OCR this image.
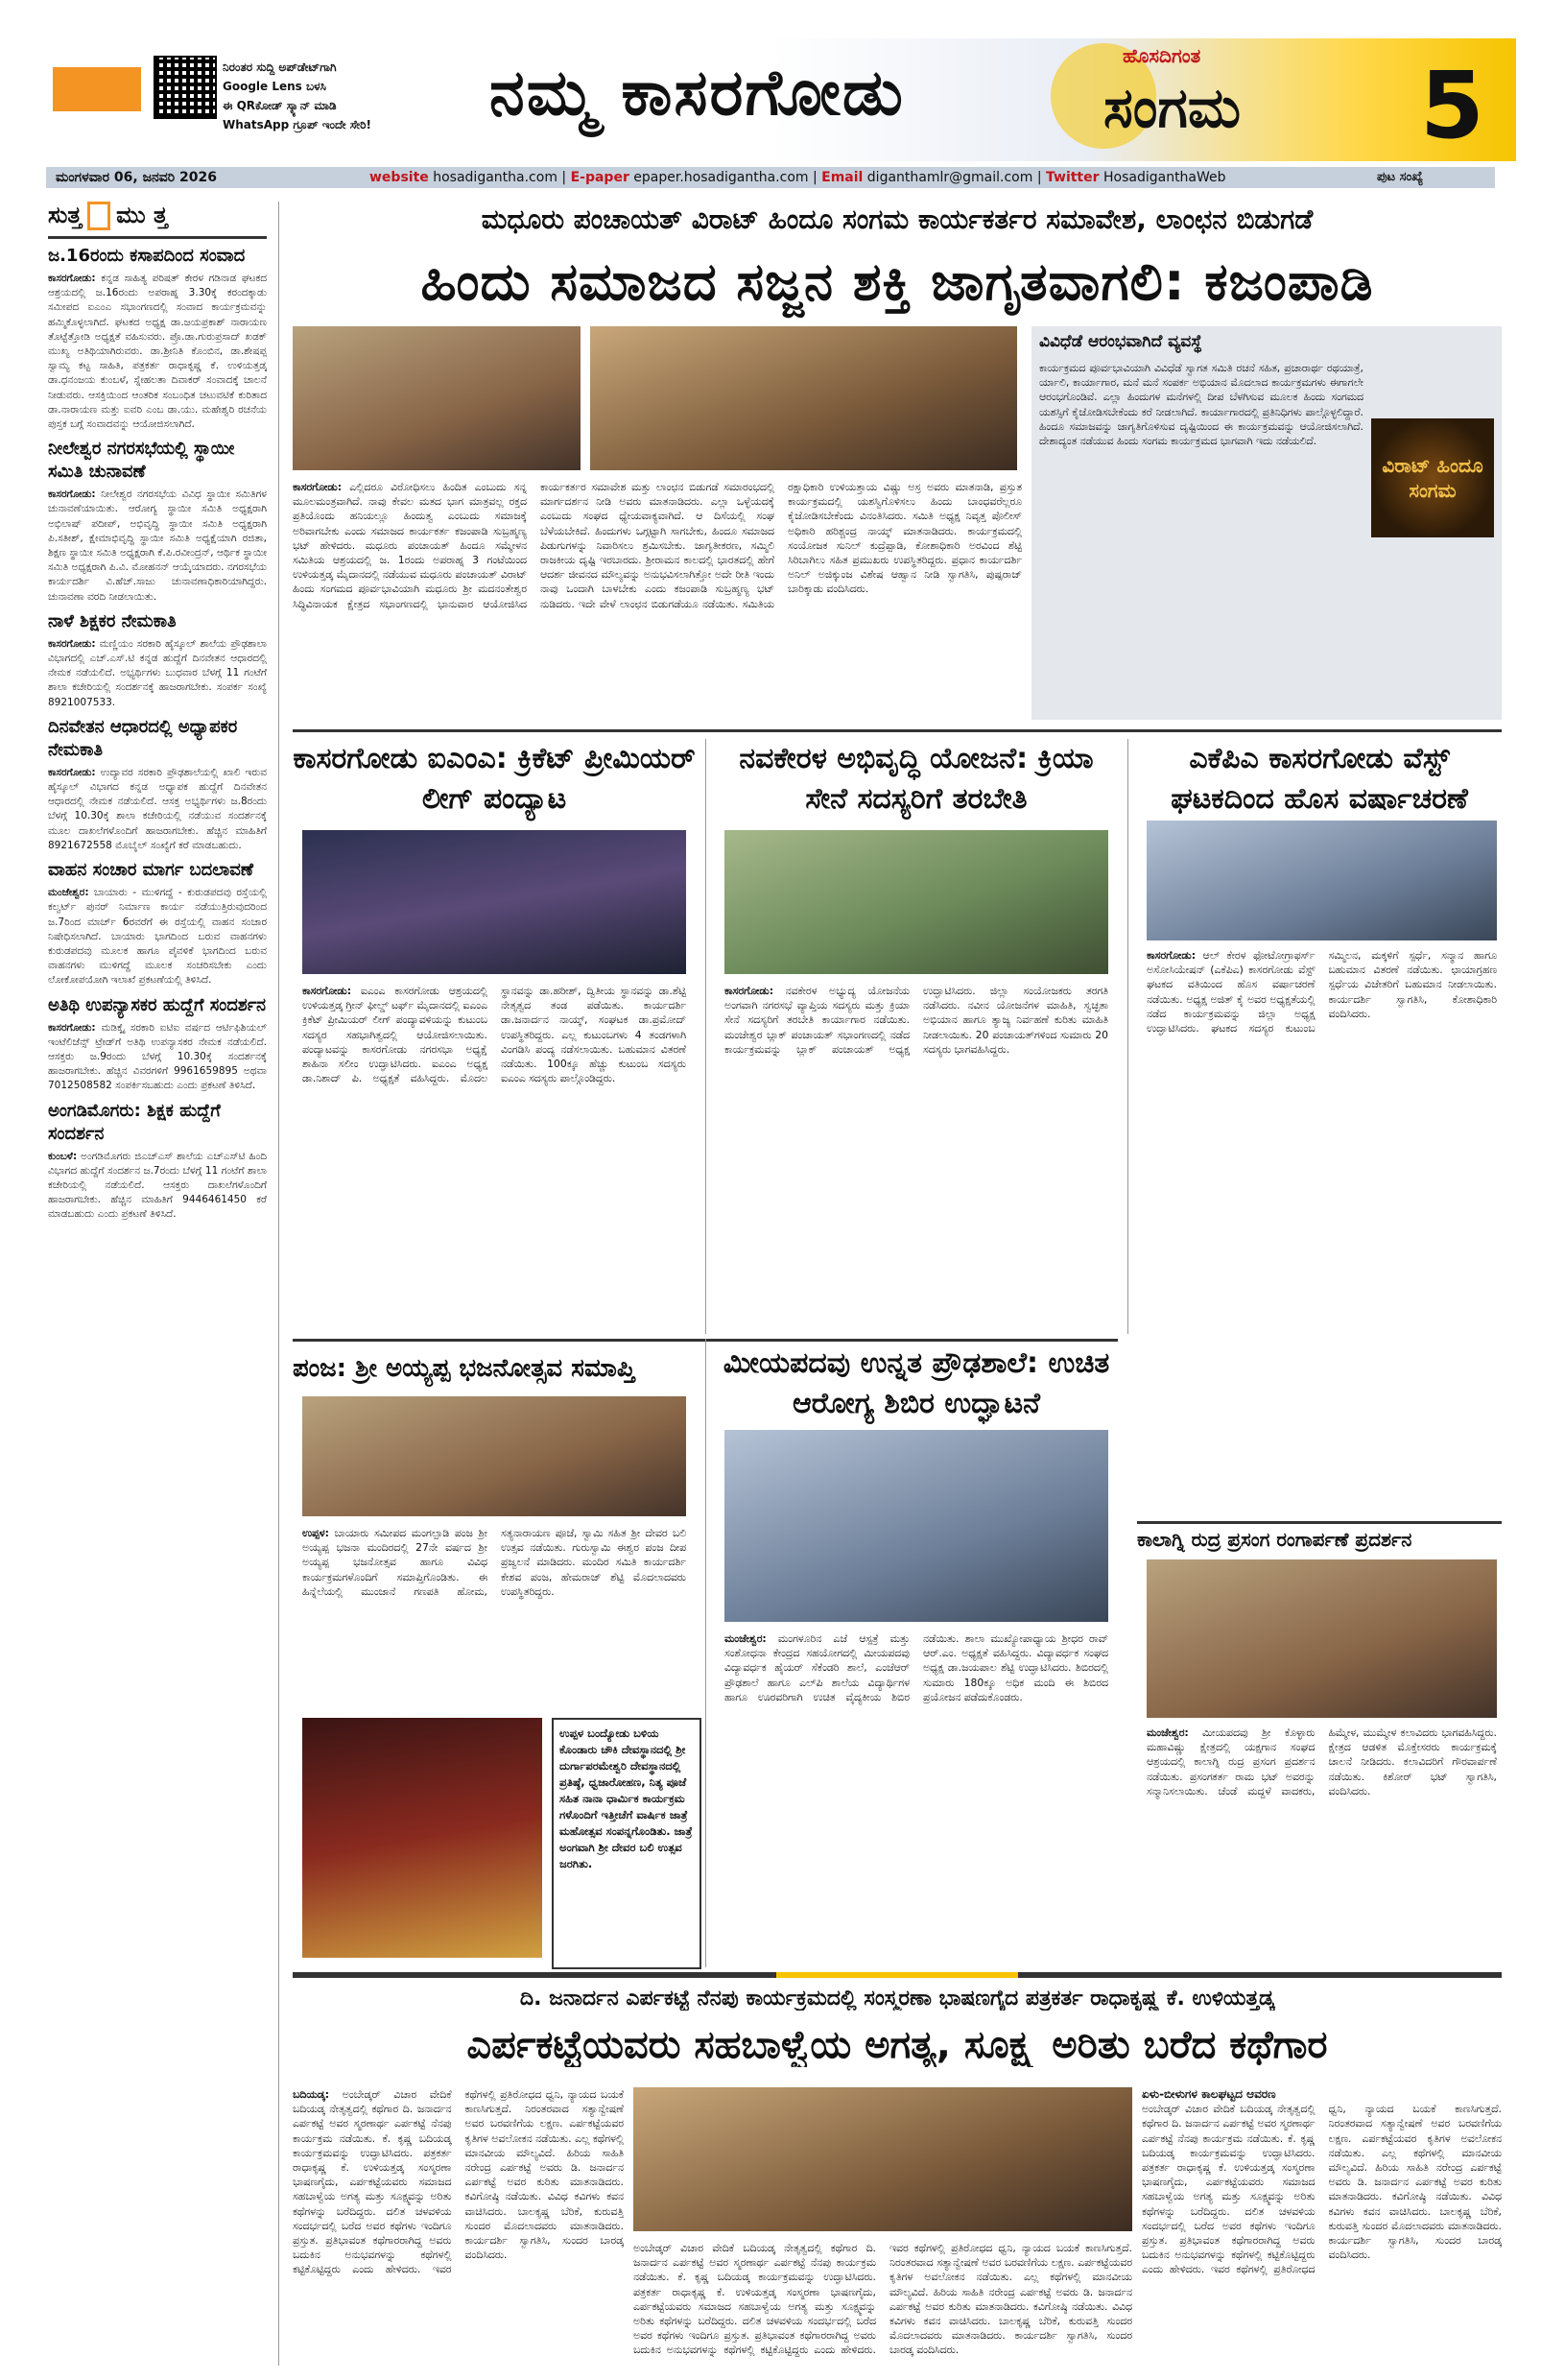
ನಿರಂತರ ಸುದ್ದಿ ಅಪ್‌ಡೇಟ್‌ಗಾಗಿ
Google Lens ಬಳಸಿ
ಈ QRಕೋಡ್ ಸ್ಕ್ಯಾನ್ ಮಾಡಿ
WhatsApp ಗ್ರೂಪ್ ಇಂದೇ ಸೇರಿ!	ನಮ್ಮ ಕಾಸರಗೋಡು	ಹೊಸದಿಗಂತ
ಸಂಗಮ 5
ಮಂಗಳವಾರ 06, ಜನವರಿ 2026	website hosadigantha.com | E-paper epaper.hosadigantha.com | Email diganthamlr@gmail.com | Twitter HosadiganthaWeb	ಪುಟ ಸಂಖ್ಯೆ
ಸುತ್ತ ಮು ತ್ತ
ಜ.16ರಂದು ಕಸಾಪದಿಂದ ಸಂವಾದ
ಕಾಸರಗೋಡು: ಕನ್ನಡ ಸಾಹಿತ್ಯ ಪರಿಷತ್ ಕೇರಳ ಗಡಿನಾಡ ಘಟಕದ ಆಶ್ರಯದಲ್ಲಿ ಜ.16ರಂದು ಅಪರಾಹ್ನ 3.30ಕ್ಕೆ ಕರಂದಕ್ಕಾಡು ಸಮೀಪದ ಐಎಂಎ ಸಭಾಂಗಣದಲ್ಲಿ ಸಂವಾದ ಕಾರ್ಯಕ್ರಮವನ್ನು ಹಮ್ಮಿಕೊಳ್ಳಲಾಗಿದೆ. ಘಟಕದ ಅಧ್ಯಕ್ಷ ಡಾ.ಜಯಪ್ರಕಾಶ್ ನಾರಾಯಣ ತೊಟ್ಟೆತ್ತೋಡಿ ಅಧ್ಯಕ್ಷತೆ ವಹಿಸುವರು. ಪ್ರೊ.ಡಾ.ಗುರುಪ್ರಸಾದ್ ಖಡಕ್ ಮುಖ್ಯ ಅತಿಥಿಯಾಗಿರುವರು. ಡಾ.ಶ್ರೀನಿತಿ ಕೊಂಬಿನ, ಡಾ.ಶೇಷಪ್ಪ ಸ್ವಾಮ್ಯ ಕಟ್ಟ ಸಾಹಿತಿ, ಪತ್ರಕರ್ತ ರಾಧಾಕೃಷ್ಣ ಕೆ. ಉಳಿಯತ್ತಡ್ಕ ಡಾ.ಧನಂಜಯ ಕುಂಬಳೆ, ಸ್ನೇಹಲತಾ ದಿವಾಕರ್ ಸಂವಾದಕ್ಕೆ ಚಾಲನೆ ನೀಡುವರು. ಆಸಕ್ತಿಯಿಂದ ಆಂತರಿಕ ಸಂಬಂಧಿತ ಚಟುವಟಿಕೆ ಕುರಿತಾದ ಡಾ.ನಾರಾಯಣ ಮತ್ತು ಐವರಿ ಎಂಬ ಡಾ.ಯು. ಮಹೇಶ್ವರಿ ರಚನೆಯ ಪುಸ್ತಕ ಬಗ್ಗೆ ಸಂವಾದವನ್ನು ಆಯೋಜಿಸಲಾಗಿದೆ.
ನೀಲೇಶ್ವರ ನಗರಸಭೆಯಲ್ಲಿ ಸ್ಥಾಯೀ ಸಮಿತಿ ಚುನಾವಣೆ
ಕಾಸರಗೋಡು: ನೀಲೇಶ್ವರ ನಗರಸಭೆಯ ವಿವಿಧ ಸ್ಥಾಯೀ ಸಮಿತಿಗಳ ಚುನಾವಣೆಯಾಯಿತು. ಆರೋಗ್ಯ ಸ್ಥಾಯೀ ಸಮಿತಿ ಅಧ್ಯಕ್ಷರಾಗಿ ಅಭಿಲಾಷ್ ಪದೀಪ್, ಅಭಿವೃದ್ಧಿ ಸ್ಥಾಯೀ ಸಮಿತಿ ಅಧ್ಯಕ್ಷರಾಗಿ ಪಿ.ಸತೀಶ್, ಕ್ಷೇಮಾಭಿವೃದ್ಧಿ ಸ್ಥಾಯೀ ಸಮಿತಿ ಅಧ್ಯಕ್ಷೆಯಾಗಿ ರಜಿತಾ, ಶಿಕ್ಷಣ ಸ್ಥಾಯೀ ಸಮಿತಿ ಅಧ್ಯಕ್ಷರಾಗಿ ಕೆ.ಪಿ.ರವೀಂದ್ರನ್, ಆರ್ಥಿಕ ಸ್ಥಾಯೀ ಸಮಿತಿ ಅಧ್ಯಕ್ಷರಾಗಿ ಪಿ.ವಿ. ಮೋಹನನ್ ಆಯ್ಕೆಯಾದರು. ನಗರಸಭೆಯ ಕಾರ್ಯದರ್ಶಿ ವಿ.ಹೆಚ್.ಸಾಜು ಚುನಾವಣಾಧಿಕಾರಿಯಾಗಿದ್ದರು. ಚುನಾವಣಾ ವರದಿ ನೀಡಲಾಯಿತು.
ನಾಳೆ ಶಿಕ್ಷಕರ ನೇಮಕಾತಿ
ಕಾಸರಗೋಡು: ಮಣ್ಣಿಯಂ ಸರಕಾರಿ ಹೈಸ್ಕೂಲ್ ಶಾಲೆಯ ಪ್ರೌಢಶಾಲಾ ವಿಭಾಗದಲ್ಲಿ ಎಚ್.ಎಸ್.ಟಿ ಕನ್ನಡ ಹುದ್ದೆಗೆ ದಿನವೇತನ ಆಧಾರದಲ್ಲಿ ನೇಮಕ ನಡೆಯಲಿದೆ. ಅಭ್ಯರ್ಥಿಗಳು ಬುಧವಾರ ಬೆಳಗ್ಗೆ 11 ಗಂಟೆಗೆ ಶಾಲಾ ಕಚೇರಿಯಲ್ಲಿ ಸಂದರ್ಶನಕ್ಕೆ ಹಾಜರಾಗಬೇಕು. ಸಂಪರ್ಕ ಸಂಖ್ಯೆ 8921007533.
ದಿನವೇತನ ಆಧಾರದಲ್ಲಿ ಅಧ್ಯಾಪಕರ ನೇಮಕಾತಿ
ಕಾಸರಗೋಡು: ಉದ್ಯಾವರ ಸರಕಾರಿ ಪ್ರೌಢಶಾಲೆಯಲ್ಲಿ ಖಾಲಿ ಇರುವ ಹೈಸ್ಕೂಲ್ ವಿಭಾಗದ ಕನ್ನಡ ಅಧ್ಯಾಪಕ ಹುದ್ದೆಗೆ ದಿನವೇತನ ಆಧಾರದಲ್ಲಿ ನೇಮಕ ನಡೆಯಲಿದೆ. ಆಸಕ್ತ ಅಭ್ಯರ್ಥಿಗಳು ಜ.8ರಂದು ಬೆಳಗ್ಗೆ 10.30ಕ್ಕೆ ಶಾಲಾ ಕಚೇರಿಯಲ್ಲಿ ನಡೆಯುವ ಸಂದರ್ಶನಕ್ಕೆ ಮೂಲ ದಾಖಲೆಗಳೊಂದಿಗೆ ಹಾಜರಾಗಬೇಕು. ಹೆಚ್ಚಿನ ಮಾಹಿತಿಗೆ 8921672558 ಮೊಬೈಲ್ ಸಂಖ್ಯೆಗೆ ಕರೆ ಮಾಡಬಹುದು.
ವಾಹನ ಸಂಚಾರ ಮಾರ್ಗ ಬದಲಾವಣೆ
ಮಂಜೇಶ್ವರ: ಬಾಯಾರು - ಮುಳಿಗದ್ದೆ - ಕುರುಡಪದವು ರಸ್ತೆಯಲ್ಲಿ ಕಲ್ವರ್ಟ್ ಪುನರ್ ನಿರ್ಮಾಣ ಕಾರ್ಯ ನಡೆಯುತ್ತಿರುವುದರಿಂದ ಜ.7ರಿಂದ ಮಾರ್ಚ್ 6ರವರೆಗೆ ಈ ರಸ್ತೆಯಲ್ಲಿ ವಾಹನ ಸಂಚಾರ ನಿಷೇಧಿಸಲಾಗಿದೆ. ಬಾಯಾರು ಭಾಗದಿಂದ ಬರುವ ವಾಹನಗಳು ಕುರುಡಪದವು ಮೂಲಕ ಹಾಗೂ ಪೈವಳಿಕೆ ಭಾಗದಿಂದ ಬರುವ ವಾಹನಗಳು ಮುಳಿಗದ್ದೆ ಮೂಲಕ ಸಂಚರಿಸಬೇಕು ಎಂದು ಲೋಕೋಪಯೋಗಿ ಇಲಾಖೆ ಪ್ರಕಟಣೆಯಲ್ಲಿ ತಿಳಿಸಿದೆ.
ಅತಿಥಿ ಉಪನ್ಯಾಸಕರ ಹುದ್ದೆಗೆ ಸಂದರ್ಶನ
ಕಾಸರಗೋಡು: ಮಡಿಕ್ಕೈ ಸರಕಾರಿ ಐಟಿಐ ವರ್ಷದ ಆರ್ಟಿಫಿಶಿಯಲ್ ಇಂಟೆಲಿಜೆನ್ಸ್ ಟ್ರೇಡ್‌ಗೆ ಅತಿಥಿ ಉಪನ್ಯಾಸಕರ ನೇಮಕ ನಡೆಯಲಿದೆ. ಆಸಕ್ತರು ಜ.9ರಂದು ಬೆಳಗ್ಗೆ 10.30ಕ್ಕೆ ಸಂದರ್ಶನಕ್ಕೆ ಹಾಜರಾಗಬೇಕು. ಹೆಚ್ಚಿನ ವಿವರಗಳಿಗೆ 9961659895 ಅಥವಾ 7012508582 ಸಂಪರ್ಕಿಸಬಹುದು ಎಂದು ಪ್ರಕಟಣೆ ತಿಳಿಸಿದೆ.
ಅಂಗಡಿಮೊಗರು: ಶಿಕ್ಷಕ ಹುದ್ದೆಗೆ ಸಂದರ್ಶನ
ಕುಂಬಳೆ: ಅಂಗಡಿಮೊಗರು ಜಿಎಚ್‌ಎಸ್ ಶಾಲೆಯ ಎಚ್‌ಎಸ್‌ಟಿ ಹಿಂದಿ ವಿಭಾಗದ ಹುದ್ದೆಗೆ ಸಂದರ್ಶನ ಜ.7ರಂದು ಬೆಳಗ್ಗೆ 11 ಗಂಟೆಗೆ ಶಾಲಾ ಕಚೇರಿಯಲ್ಲಿ ನಡೆಯಲಿದೆ. ಆಸಕ್ತರು ದಾಖಲೆಗಳೊಂದಿಗೆ ಹಾಜರಾಗಬೇಕು. ಹೆಚ್ಚಿನ ಮಾಹಿತಿಗೆ 9446461450 ಕರೆ ಮಾಡಬಹುದು ಎಂದು ಪ್ರಕಟಣೆ ತಿಳಿಸಿದೆ.
ಮಧೂರು ಪಂಚಾಯತ್ ವಿರಾಟ್ ಹಿಂದೂ ಸಂಗಮ ಕಾರ್ಯಕರ್ತರ ಸಮಾವೇಶ, ಲಾಂಛನ ಬಿಡುಗಡೆ
ಹಿಂದು ಸಮಾಜದ ಸಜ್ಜನ ಶಕ್ತಿ ಜಾಗೃತವಾಗಲಿ: ಕಜಂಪಾಡಿ
ಕಾಸರಗೋಡು: ಎಲ್ಲಿದರೂ ವಿರೋಧಿಸಲು ಹಿಂದಿತ ಎಂಬುದು ಸನ್ನ ಮೂಲಮಂತ್ರವಾಗಿದೆ. ನಾವು ಕೇವಲ ಮತದ ಭಾಗ ಮಾತ್ರವಲ್ಲ ರಕ್ತದ ಪ್ರತಿಯೊಂದು ಹನಿಯಲ್ಲೂ ಹಿಂದುತ್ವ ಎಂಬುದು ಸಮಾಜಕ್ಕೆ ಅರಿವಾಗಬೇಕು ಎಂದು ಸಮಾಜದ ಕಾರ್ಯಕರ್ತ ಕಜಂಪಾಡಿ ಸುಬ್ರಹ್ಮಣ್ಯ ಭಟ್ ಹೇಳಿದರು. ಮಧೂರು ಪಂಚಾಯತ್ ಹಿಂದೂ ಸಮ್ಮೇಳನ ಸಮಿತಿಯ ಆಶ್ರಯದಲ್ಲಿ ಜ. 1ರಂದು ಅಪರಾಹ್ನ 3 ಗಂಟೆಯಿಂದ ಉಳಿಯತ್ತಡ್ಕ ಮೈದಾನದಲ್ಲಿ ನಡೆಯುವ ಮಧೂರು ಪಂಚಾಯತ್ ವಿರಾಟ್ ಹಿಂದು ಸಂಗಮದ ಪೂರ್ವಭಾವಿಯಾಗಿ ಮಧೂರು ಶ್ರೀ ಮದನಂತೇಶ್ವರ ಸಿದ್ಧಿವಿನಾಯಕ ಕ್ಷೇತ್ರದ ಸಭಾಂಗಣದಲ್ಲಿ ಭಾನುವಾರ ಆಯೋಜಿಸಿದ ಕಾರ್ಯಕರ್ತರ ಸಮಾವೇಶ ಮತ್ತು ಲಾಂಛನ ಬಿಡುಗಡೆ ಸಮಾರಂಭದಲ್ಲಿ ಮಾರ್ಗದರ್ಶನ ನೀಡಿ ಅವರು ಮಾತನಾಡಿದರು. ಎಲ್ಲಾ ಒಳ್ಳೆಯದಕ್ಕೆ ಎಂಬುದು ಸಂಘದ ಧ್ಯೇಯವಾಕ್ಯವಾಗಿದೆ. ಆ ದಿಸೆಯಲ್ಲಿ ಸಂಘ ಬೆಳೆಯಬೇಕಿದೆ. ಹಿಂದುಗಳು ಒಗ್ಗಟ್ಟಾಗಿ ಸಾಗಬೇಕು, ಹಿಂದೂ ಸಮಾಜದ ಪಿಡುಗುಗಳನ್ನು ನಿವಾರಿಸಲು ಶ್ರಮಿಸಬೇಕು. ಜಾಗೃತೀಕರಣ, ಸಮ್ಮಿಲಿ ರಾಜಕೀಯ ದೃಷ್ಟಿ ಇರಬಾರದು. ಶ್ರೀರಾಮನ ಕಾಲದಲ್ಲಿ ಭಾರತದಲ್ಲಿ ಹೇಗೆ ಆದರ್ಶ ಜೀವನದ ಮೌಲ್ಯವನ್ನು ಅನುಭವಿಸಲಾಗಿತ್ತೋ ಅದೇ ರೀತಿ ಇಂದು ನಾವು ಒಂದಾಗಿ ಬಾಳಬೇಕು ಎಂದು ಕಜಂಪಾಡಿ ಸುಬ್ರಹ್ಮಣ್ಯ ಭಟ್ ನುಡಿದರು. ಇದೇ ವೇಳೆ ಲಾಂಛನ ಬಿಡುಗಡೆಯೂ ನಡೆಯಿತು. ಸಮಿತಿಯ ರಕ್ಷಾಧಿಕಾರಿ ಉಳಿಯತ್ತಾಯ ವಿಷ್ಣು ಅಸ್ರ ಅವರು ಮಾತನಾಡಿ, ಪ್ರಸ್ತುತ ಕಾರ್ಯಕ್ರಮದಲ್ಲಿ ಯಶಸ್ವಿಗೊಳಿಸಲು ಹಿಂದು ಬಾಂಧವರೆಲ್ಲರೂ ಕೈಜೋಡಿಸಬೇಕೆಂದು ವಿನಂತಿಸಿದರು. ಸಮಿತಿ ಅಧ್ಯಕ್ಷ ನಿವೃತ್ತ ಪೊಲೀಸ್ ಅಧಿಕಾರಿ ಹರಿಶ್ಚಂದ್ರ ನಾಯ್ಕ್ ಮಾತನಾಡಿದರು. ಕಾರ್ಯಕ್ರಮದಲ್ಲಿ ಸಂಯೋಜಕ ಸುನಿಲ್ ಕುದ್ರೆಪ್ಪಾಡಿ, ಕೋಶಾಧಿಕಾರಿ ಅರವಿಂದ ಶೆಟ್ಟಿ ಸಿರಿಬಾಗಿಲು ಸಹಿತ ಪ್ರಮುಖರು ಉಪಸ್ಥಿತರಿದ್ದರು. ಪ್ರಧಾನ ಕಾರ್ಯದರ್ಶಿ ಅನಿಲ್ ಅಜಿಕ್ಕುಂಜ ವಿಶೇಷ ಆಹ್ವಾನ ನೀಡಿ ಸ್ವಾಗತಿಸಿ, ಪುಷ್ಪರಾಜ್ ಬಾರಿಕ್ಕಾಡು ವಂದಿಸಿದರು.
ವಿವಿಧೆಡೆ ಆರಂಭವಾಗಿದೆ ವ್ಯವಸ್ಥೆ
ವಿರಾಟ್ ಹಿಂದೂ ಸಂಗಮ
ಕಾರ್ಯಕ್ರಮದ ಪೂರ್ವಭಾವಿಯಾಗಿ ವಿವಿಧೆಡೆ ಸ್ವಾಗತ ಸಮಿತಿ ರಚನೆ ಸಹಿತ, ಪ್ರಚಾರಾರ್ಥ ರಥಯಾತ್ರೆ, ರ್ಯಾಲಿ, ಕಾರ್ಯಾಗಾರ, ಮನೆ ಮನೆ ಸಂಪರ್ಕ ಅಭಿಯಾನ ಮೊದಲಾದ ಕಾರ್ಯಕ್ರಮಗಳು ಈಗಾಗಲೇ ಆರಂಭಗೊಂಡಿವೆ. ಎಲ್ಲಾ ಹಿಂದುಗಳ ಮನೆಗಳಲ್ಲಿ ದೀಪ ಬೆಳಗಿಸುವ ಮೂಲಕ ಹಿಂದು ಸಂಗಮದ ಯಶಸ್ಸಿಗೆ ಕೈಜೋಡಿಸಬೇಕೆಂದು ಕರೆ ನೀಡಲಾಗಿದೆ. ಕಾರ್ಯಾಗಾರದಲ್ಲಿ ಪ್ರತಿನಿಧಿಗಳು ಪಾಲ್ಗೊಳ್ಳಲಿದ್ದಾರೆ. ಹಿಂದೂ ಸಮಾಜವನ್ನು ಜಾಗೃತಿಗೊಳಿಸುವ ದೃಷ್ಟಿಯಿಂದ ಈ ಕಾರ್ಯಕ್ರಮವನ್ನು ಆಯೋಜಿಸಲಾಗಿದೆ. ದೇಶಾದ್ಯಂತ ನಡೆಯುವ ಹಿಂದು ಸಂಗಮ ಕಾರ್ಯಕ್ರಮದ ಭಾಗವಾಗಿ ಇದು ನಡೆಯಲಿದೆ.
ಕಾಸರಗೋಡು ಐಎಂಎ: ಕ್ರಿಕೆಟ್ ಪ್ರೀಮಿಯರ್ ಲೀಗ್ ಪಂದ್ಯಾಟ
ಕಾಸರಗೋಡು: ಐಎಂಎ ಕಾಸರಗೋಡು ಆಶ್ರಯದಲ್ಲಿ ಉಳಿಯತ್ತಡ್ಕ ಗ್ರೀನ್ ಫೀಲ್ಡ್ ಟರ್ಫ್ ಮೈದಾನದಲ್ಲಿ ಐಎಂಎ ಕ್ರಿಕೆಟ್ ಪ್ರೀಮಿಯರ್ ಲೀಗ್ ಪಂದ್ಯಾವಳಿಯನ್ನು ಕುಟುಂಬ ಸದಸ್ಯರ ಸಹಭಾಗಿತ್ವದಲ್ಲಿ ಆಯೋಜಿಸಲಾಯಿತು. ಪಂದ್ಯಾಟವನ್ನು ಕಾಸರಗೋಡು ನಗರಸಭಾ ಅಧ್ಯಕ್ಷೆ ಶಾಹಿನಾ ಸಲೀಂ ಉದ್ಘಾಟಿಸಿದರು. ಐಎಂಎ ಅಧ್ಯಕ್ಷ ಡಾ.ನಿಶಾದ್ ಪಿ. ಅಧ್ಯಕ್ಷತೆ ವಹಿಸಿದ್ದರು. ಮೊದಲ ಸ್ಥಾನವನ್ನು ಡಾ.ಹರೀಶ್, ದ್ವಿತೀಯ ಸ್ಥಾನವನ್ನು ಡಾ.ಶೆಟ್ಟಿ ನೇತೃತ್ವದ ತಂಡ ಪಡೆಯಿತು. ಕಾರ್ಯದರ್ಶಿ ಡಾ.ಜನಾರ್ದನ ನಾಯ್ಕ್, ಸಂಘಟಕ ಡಾ.ಪ್ರಮೋದ್ ಉಪಸ್ಥಿತರಿದ್ದರು. ಎಲ್ಲ ಕುಟುಂಬಗಳು 4 ತಂಡಗಳಾಗಿ ವಿಂಗಡಿಸಿ ಪಂದ್ಯ ನಡೆಸಲಾಯಿತು. ಬಹುಮಾನ ವಿತರಣೆ ನಡೆಯಿತು. 100ಕ್ಕೂ ಹೆಚ್ಚು ಕುಟುಂಬ ಸದಸ್ಯರು ಐಎಂಎ ಸದಸ್ಯರು ಪಾಲ್ಗೊಂಡಿದ್ದರು.
ನವಕೇರಳ ಅಭಿವೃದ್ಧಿ ಯೋಜನೆ: ಕ್ರಿಯಾ ಸೇನೆ ಸದಸ್ಯರಿಗೆ ತರಬೇತಿ
ಕಾಸರಗೋಡು: ನವಕೇರಳ ಅಭ್ಯುದ್ಯ ಯೋಜನೆಯ ಅಂಗವಾಗಿ ನಗರಸಭೆ ವ್ಯಾಪ್ತಿಯ ಸದಸ್ಯರು ಮತ್ತು ಕ್ರಿಯಾ ಸೇನೆ ಸದಸ್ಯರಿಗೆ ತರಬೇತಿ ಕಾರ್ಯಾಗಾರ ನಡೆಯಿತು. ಮಂಜೇಶ್ವರ ಬ್ಲಾಕ್ ಪಂಚಾಯತ್ ಸಭಾಂಗಣದಲ್ಲಿ ನಡೆದ ಕಾರ್ಯಕ್ರಮವನ್ನು ಬ್ಲಾಕ್ ಪಂಚಾಯತ್ ಅಧ್ಯಕ್ಷ ಉದ್ಘಾಟಿಸಿದರು. ಜಿಲ್ಲಾ ಸಂಯೋಜಕರು ತರಗತಿ ನಡೆಸಿದರು. ನವೀನ ಯೋಜನೆಗಳ ಮಾಹಿತಿ, ಸ್ವಚ್ಛತಾ ಅಭಿಯಾನ ಹಾಗೂ ತ್ಯಾಜ್ಯ ನಿರ್ವಹಣೆ ಕುರಿತು ಮಾಹಿತಿ ನೀಡಲಾಯಿತು. 20 ಪಂಚಾಯತ್‌ಗಳಿಂದ ಸುಮಾರು 20 ಸದಸ್ಯರು ಭಾಗವಹಿಸಿದ್ದರು.
ಎಕೆಪಿಎ ಕಾಸರಗೋಡು ವೆಸ್ಟ್ ಘಟಕದಿಂದ ಹೊಸ ವರ್ಷಾಚರಣೆ
ಕಾಸರಗೋಡು: ಆಲ್ ಕೇರಳ ಫೋಟೋಗ್ರಾಫರ್ಸ್ ಅಸೋಸಿಯೇಷನ್ (ಎಕೆಪಿಎ) ಕಾಸರಗೋಡು ವೆಸ್ಟ್ ಘಟಕದ ವತಿಯಿಂದ ಹೊಸ ವರ್ಷಾಚರಣೆ ನಡೆಯಿತು. ಅಧ್ಯಕ್ಷ ಅಜಿತ್ ಕೈ ಅವರ ಅಧ್ಯಕ್ಷತೆಯಲ್ಲಿ ನಡೆದ ಕಾರ್ಯಕ್ರಮವನ್ನು ಜಿಲ್ಲಾ ಅಧ್ಯಕ್ಷ ಉದ್ಘಾಟಿಸಿದರು. ಘಟಕದ ಸದಸ್ಯರ ಕುಟುಂಬ ಸಮ್ಮಿಲನ, ಮಕ್ಕಳಿಗೆ ಸ್ಪರ್ಧೆ, ಸನ್ಮಾನ ಹಾಗೂ ಬಹುಮಾನ ವಿತರಣೆ ನಡೆಯಿತು. ಛಾಯಾಗ್ರಹಣ ಸ್ಪರ್ಧೆಯ ವಿಜೇತರಿಗೆ ಬಹುಮಾನ ನೀಡಲಾಯಿತು. ಕಾರ್ಯದರ್ಶಿ ಸ್ವಾಗತಿಸಿ, ಕೋಶಾಧಿಕಾರಿ ವಂದಿಸಿದರು.
ಪಂಜ: ಶ್ರೀ ಅಯ್ಯಪ್ಪ ಭಜನೋತ್ಸವ ಸಮಾಪ್ತಿ
ಉಪ್ಪಳ: ಬಾಯಾರು ಸಮೀಪದ ಮಂಗಲ್ಪಾಡಿ ಪಂಜ ಶ್ರೀ ಅಯ್ಯಪ್ಪ ಭಜನಾ ಮಂದಿರದಲ್ಲಿ 27ನೇ ವರ್ಷದ ಶ್ರೀ ಅಯ್ಯಪ್ಪ ಭಜನೋತ್ಸವ ಹಾಗೂ ವಿವಿಧ ಕಾರ್ಯಕ್ರಮಗಳೊಂದಿಗೆ ಸಮಾಪ್ತಿಗೊಂಡಿತು. ಈ ಹಿನ್ನೆಲೆಯಲ್ಲಿ ಮುಂಜಾನೆ ಗಣಪತಿ ಹೋಮ, ಸತ್ಯನಾರಾಯಣ ಪೂಜೆ, ಸ್ವಾಮಿ ಸಹಿತ ಶ್ರೀ ದೇವರ ಬಲಿ ಉತ್ಸವ ನಡೆಯಿತು. ಗುರುಸ್ವಾಮಿ ಈಶ್ವರ ಪಂಜ ದೀಪ ಪ್ರಜ್ವಲನೆ ಮಾಡಿದರು. ಮಂದಿರ ಸಮಿತಿ ಕಾರ್ಯದರ್ಶಿ ಕೇಶವ ಪಂಜ, ಹೇಮರಾಜ್ ಶೆಟ್ಟಿ ಮೊದಲಾದವರು ಉಪಸ್ಥಿತರಿದ್ದರು.
ಉಪ್ಪಳ ಬಂದ್ಯೋಡು ಬಳಿಯ ಕೊಂಡಾರು ಚೌಕಿ ದೇವಸ್ಥಾನದಲ್ಲಿ ಶ್ರೀ ದುರ್ಗಾಪರಮೇಶ್ವರಿ ದೇವಸ್ಥಾನದಲ್ಲಿ ಪ್ರತಿಷ್ಠೆ, ಧ್ವಜಾರೋಹಣ, ನಿತ್ಯ ಪೂಜೆ ಸಹಿತ ನಾನಾ ಧಾರ್ಮಿಕ ಕಾರ್ಯಕ್ರಮ ಗಳೊಂದಿಗೆ ಇತ್ತೀಚೆಗೆ ವಾರ್ಷಿಕ ಜಾತ್ರೆ ಮಹೋತ್ಸವ ಸಂಪನ್ನಗೊಂಡಿತು. ಜಾತ್ರೆ ಅಂಗವಾಗಿ ಶ್ರೀ ದೇವರ ಬಲಿ ಉತ್ಸವ ಜರಗಿತು.
ಮೀಯಪದವು ಉನ್ನತ ಪ್ರೌಢಶಾಲೆ: ಉಚಿತ ಆರೋಗ್ಯ ಶಿಬಿರ ಉದ್ಘಾಟನೆ
ಮಂಜೇಶ್ವರ: ಮಂಗಳೂರಿನ ಎಜೆ ಆಸ್ಪತ್ರೆ ಮತ್ತು ಸಂಶೋಧನಾ ಕೇಂದ್ರದ ಸಹಯೋಗದಲ್ಲಿ ಮೀಯಪದವು ವಿದ್ಯಾವರ್ಧಕ ಹೈಯರ್ ಸೆಕೆಂಡರಿ ಶಾಲೆ, ಎಂಜೆಆರ್ ಪ್ರೌಢಶಾಲೆ ಹಾಗೂ ಎಲ್‌ಪಿ ಶಾಲೆಯ ವಿದ್ಯಾರ್ಥಿಗಳ ಹಾಗೂ ಊರವರಿಗಾಗಿ ಉಚಿತ ವೈದ್ಯಕೀಯ ಶಿಬಿರ ನಡೆಯಿತು. ಶಾಲಾ ಮುಖ್ಯೋಪಾಧ್ಯಾಯ ಶ್ರೀಧರ ರಾವ್ ಆರ್.ಎಂ. ಅಧ್ಯಕ್ಷತೆ ವಹಿಸಿದ್ದರು. ವಿದ್ಯಾವರ್ಧಕ ಸಂಘದ ಅಧ್ಯಕ್ಷ ಡಾ.ಜಯಪಾಲ ಶೆಟ್ಟಿ ಉದ್ಘಾಟಿಸಿದರು. ಶಿಬಿರದಲ್ಲಿ ಸುಮಾರು 180ಕ್ಕೂ ಅಧಿಕ ಮಂದಿ ಈ ಶಿಬಿರದ ಪ್ರಯೋಜನ ಪಡೆದುಕೊಂಡರು.
ಕಾಲಾಗ್ನಿ ರುದ್ರ ಪ್ರಸಂಗ ರಂಗಾರ್ಪಣೆ ಪ್ರದರ್ಶನ
ಮಂಜೇಶ್ವರ: ಮೀಯಪದವು ಶ್ರೀ ಕೊಳ್ಳಾರು ಮಹಾವಿಷ್ಣು ಕ್ಷೇತ್ರದಲ್ಲಿ ಯಕ್ಷಗಾನ ಸಂಘದ ಆಶ್ರಯದಲ್ಲಿ ಕಾಲಾಗ್ನಿ ರುದ್ರ ಪ್ರಸಂಗ ಪ್ರದರ್ಶನ ನಡೆಯಿತು. ಪ್ರಸಂಗಕರ್ತ ರಾಮ ಭಟ್ ಅವರನ್ನು ಸನ್ಮಾನಿಸಲಾಯಿತು. ಚೆಂಡೆ ಮದ್ದಳೆ ವಾದಕರು, ಹಿಮ್ಮೇಳ, ಮುಮ್ಮೇಳ ಕಲಾವಿದರು ಭಾಗವಹಿಸಿದ್ದರು. ಕ್ಷೇತ್ರದ ಆಡಳಿತ ಮೊಕ್ತೇಸರರು ಕಾರ್ಯಕ್ರಮಕ್ಕೆ ಚಾಲನೆ ನೀಡಿದರು. ಕಲಾವಿದರಿಗೆ ಗೌರವಾರ್ಪಣೆ ನಡೆಯಿತು. ಕಿಶೋರ್ ಭಟ್ ಸ್ವಾಗತಿಸಿ, ವಂದಿಸಿದರು.
ದಿ. ಜನಾರ್ದನ ಎರ್ಪಕಟ್ಟೆ ನೆನಪು ಕಾರ್ಯಕ್ರಮದಲ್ಲಿ ಸಂಸ್ಮರಣಾ ಭಾಷಣಗೈದ ಪತ್ರಕರ್ತ ರಾಧಾಕೃಷ್ಣ ಕೆ. ಉಳಿಯತ್ತಡ್ಕ
ಎರ್ಪಕಟ್ಟೆಯವರು ಸಹಬಾಳ್ವೆಯ ಅಗತ್ಯ, ಸೂಕ್ಷ್ಮ ಅರಿತು ಬರೆದ ಕಥೆಗಾರ
ಬದಿಯಡ್ಕ: ಅಂಬೇಡ್ಕರ್ ವಿಚಾರ ವೇದಿಕೆ ಬದಿಯಡ್ಕ ನೇತೃತ್ವದಲ್ಲಿ ಕಥೆಗಾರ ದಿ. ಜನಾರ್ದನ ಎರ್ಪಕಟ್ಟೆ ಅವರ ಸ್ಮರಣಾರ್ಥ ಎರ್ಪಕಟ್ಟೆ ನೆನಪು ಕಾರ್ಯಕ್ರಮ ನಡೆಯಿತು. ಕೆ. ಕೃಷ್ಣ ಬದಿಯಡ್ಕ ಕಾರ್ಯಕ್ರಮವನ್ನು ಉದ್ಘಾಟಿಸಿದರು. ಪತ್ರಕರ್ತ ರಾಧಾಕೃಷ್ಣ ಕೆ. ಉಳಿಯತ್ತಡ್ಕ ಸಂಸ್ಮರಣಾ ಭಾಷಣಗೈದು, ಎರ್ಪಕಟ್ಟೆಯವರು ಸಮಾಜದ ಸಹಬಾಳ್ವೆಯ ಅಗತ್ಯ ಮತ್ತು ಸೂಕ್ಷ್ಮವನ್ನು ಅರಿತು ಕಥೆಗಳನ್ನು ಬರೆದಿದ್ದರು. ದಲಿತ ಚಳವಳಿಯ ಸಂದರ್ಭದಲ್ಲಿ ಬರೆದ ಅವರ ಕಥೆಗಳು ಇಂದಿಗೂ ಪ್ರಸ್ತುತ. ಪ್ರತಿಭಾವಂತ ಕಥೆಗಾರರಾಗಿದ್ದ ಅವರು ಬದುಕಿನ ಅನುಭವಗಳನ್ನು ಕಥೆಗಳಲ್ಲಿ ಕಟ್ಟಿಕೊಟ್ಟಿದ್ದರು ಎಂದು ಹೇಳಿದರು. ಇವರ ಕಥೆಗಳಲ್ಲಿ ಪ್ರತಿರೋಧದ ಧ್ವನಿ, ನ್ಯಾಯದ ಬಯಕೆ ಕಾಣಸಿಗುತ್ತದೆ. ನಿರಂತರವಾದ ಸತ್ಯಾನ್ವೇಷಣೆ ಅವರ ಬರವಣಿಗೆಯ ಲಕ್ಷಣ. ಎರ್ಪಕಟ್ಟೆಯವರ ಕೃತಿಗಳ ಅವಲೋಕನ ನಡೆಯಿತು. ಎಲ್ಲ ಕಥೆಗಳಲ್ಲಿ ಮಾನವೀಯ ಮೌಲ್ಯವಿದೆ. ಹಿರಿಯ ಸಾಹಿತಿ ನರೇಂದ್ರ ಎರ್ಪಕಟ್ಟೆ ಅವರು ಡಿ. ಜನಾರ್ದನ ಎರ್ಪಕಟ್ಟೆ ಅವರ ಕುರಿತು ಮಾತನಾಡಿದರು. ಕವಿಗೋಷ್ಠಿ ನಡೆಯಿತು. ವಿವಿಧ ಕವಿಗಳು ಕವನ ವಾಚಿಸಿದರು. ಬಾಲಕೃಷ್ಣ ಬೆರಿಕೆ, ಕುರುವತ್ತಿ ಸುಂದರ ಮೊದಲಾದವರು ಮಾತನಾಡಿದರು. ಕಾರ್ಯದರ್ಶಿ ಸ್ವಾಗತಿಸಿ, ಸುಂದರ ಬಾರಡ್ಕ ವಂದಿಸಿದರು.
ಅಂಬೇಡ್ಕರ್ ವಿಚಾರ ವೇದಿಕೆ ಬದಿಯಡ್ಕ ನೇತೃತ್ವದಲ್ಲಿ ಕಥೆಗಾರ ದಿ. ಜನಾರ್ದನ ಎರ್ಪಕಟ್ಟೆ ಅವರ ಸ್ಮರಣಾರ್ಥ ಎರ್ಪಕಟ್ಟೆ ನೆನಪು ಕಾರ್ಯಕ್ರಮ ನಡೆಯಿತು. ಕೆ. ಕೃಷ್ಣ ಬದಿಯಡ್ಕ ಕಾರ್ಯಕ್ರಮವನ್ನು ಉದ್ಘಾಟಿಸಿದರು. ಪತ್ರಕರ್ತ ರಾಧಾಕೃಷ್ಣ ಕೆ. ಉಳಿಯತ್ತಡ್ಕ ಸಂಸ್ಮರಣಾ ಭಾಷಣಗೈದು, ಎರ್ಪಕಟ್ಟೆಯವರು ಸಮಾಜದ ಸಹಬಾಳ್ವೆಯ ಅಗತ್ಯ ಮತ್ತು ಸೂಕ್ಷ್ಮವನ್ನು ಅರಿತು ಕಥೆಗಳನ್ನು ಬರೆದಿದ್ದರು. ದಲಿತ ಚಳವಳಿಯ ಸಂದರ್ಭದಲ್ಲಿ ಬರೆದ ಅವರ ಕಥೆಗಳು ಇಂದಿಗೂ ಪ್ರಸ್ತುತ. ಪ್ರತಿಭಾವಂತ ಕಥೆಗಾರರಾಗಿದ್ದ ಅವರು ಬದುಕಿನ ಅನುಭವಗಳನ್ನು ಕಥೆಗಳಲ್ಲಿ ಕಟ್ಟಿಕೊಟ್ಟಿದ್ದರು ಎಂದು ಹೇಳಿದರು. ಇವರ ಕಥೆಗಳಲ್ಲಿ ಪ್ರತಿರೋಧದ ಧ್ವನಿ, ನ್ಯಾಯದ ಬಯಕೆ ಕಾಣಸಿಗುತ್ತದೆ. ನಿರಂತರವಾದ ಸತ್ಯಾನ್ವೇಷಣೆ ಅವರ ಬರವಣಿಗೆಯ ಲಕ್ಷಣ. ಎರ್ಪಕಟ್ಟೆಯವರ ಕೃತಿಗಳ ಅವಲೋಕನ ನಡೆಯಿತು. ಎಲ್ಲ ಕಥೆಗಳಲ್ಲಿ ಮಾನವೀಯ ಮೌಲ್ಯವಿದೆ. ಹಿರಿಯ ಸಾಹಿತಿ ನರೇಂದ್ರ ಎರ್ಪಕಟ್ಟೆ ಅವರು ಡಿ. ಜನಾರ್ದನ ಎರ್ಪಕಟ್ಟೆ ಅವರ ಕುರಿತು ಮಾತನಾಡಿದರು. ಕವಿಗೋಷ್ಠಿ ನಡೆಯಿತು. ವಿವಿಧ ಕವಿಗಳು ಕವನ ವಾಚಿಸಿದರು. ಬಾಲಕೃಷ್ಣ ಬೆರಿಕೆ, ಕುರುವತ್ತಿ ಸುಂದರ ಮೊದಲಾದವರು ಮಾತನಾಡಿದರು. ಕಾರ್ಯದರ್ಶಿ ಸ್ವಾಗತಿಸಿ, ಸುಂದರ ಬಾರಡ್ಕ ವಂದಿಸಿದರು.
ಏಳು-ಬೀಳುಗಳ ಕಾಲಘಟ್ಟದ ಆವರಣ
ಅಂಬೇಡ್ಕರ್ ವಿಚಾರ ವೇದಿಕೆ ಬದಿಯಡ್ಕ ನೇತೃತ್ವದಲ್ಲಿ ಕಥೆಗಾರ ದಿ. ಜನಾರ್ದನ ಎರ್ಪಕಟ್ಟೆ ಅವರ ಸ್ಮರಣಾರ್ಥ ಎರ್ಪಕಟ್ಟೆ ನೆನಪು ಕಾರ್ಯಕ್ರಮ ನಡೆಯಿತು. ಕೆ. ಕೃಷ್ಣ ಬದಿಯಡ್ಕ ಕಾರ್ಯಕ್ರಮವನ್ನು ಉದ್ಘಾಟಿಸಿದರು. ಪತ್ರಕರ್ತ ರಾಧಾಕೃಷ್ಣ ಕೆ. ಉಳಿಯತ್ತಡ್ಕ ಸಂಸ್ಮರಣಾ ಭಾಷಣಗೈದು, ಎರ್ಪಕಟ್ಟೆಯವರು ಸಮಾಜದ ಸಹಬಾಳ್ವೆಯ ಅಗತ್ಯ ಮತ್ತು ಸೂಕ್ಷ್ಮವನ್ನು ಅರಿತು ಕಥೆಗಳನ್ನು ಬರೆದಿದ್ದರು. ದಲಿತ ಚಳವಳಿಯ ಸಂದರ್ಭದಲ್ಲಿ ಬರೆದ ಅವರ ಕಥೆಗಳು ಇಂದಿಗೂ ಪ್ರಸ್ತುತ. ಪ್ರತಿಭಾವಂತ ಕಥೆಗಾರರಾಗಿದ್ದ ಅವರು ಬದುಕಿನ ಅನುಭವಗಳನ್ನು ಕಥೆಗಳಲ್ಲಿ ಕಟ್ಟಿಕೊಟ್ಟಿದ್ದರು ಎಂದು ಹೇಳಿದರು. ಇವರ ಕಥೆಗಳಲ್ಲಿ ಪ್ರತಿರೋಧದ ಧ್ವನಿ, ನ್ಯಾಯದ ಬಯಕೆ ಕಾಣಸಿಗುತ್ತದೆ. ನಿರಂತರವಾದ ಸತ್ಯಾನ್ವೇಷಣೆ ಅವರ ಬರವಣಿಗೆಯ ಲಕ್ಷಣ. ಎರ್ಪಕಟ್ಟೆಯವರ ಕೃತಿಗಳ ಅವಲೋಕನ ನಡೆಯಿತು. ಎಲ್ಲ ಕಥೆಗಳಲ್ಲಿ ಮಾನವೀಯ ಮೌಲ್ಯವಿದೆ. ಹಿರಿಯ ಸಾಹಿತಿ ನರೇಂದ್ರ ಎರ್ಪಕಟ್ಟೆ ಅವರು ಡಿ. ಜನಾರ್ದನ ಎರ್ಪಕಟ್ಟೆ ಅವರ ಕುರಿತು ಮಾತನಾಡಿದರು. ಕವಿಗೋಷ್ಠಿ ನಡೆಯಿತು. ವಿವಿಧ ಕವಿಗಳು ಕವನ ವಾಚಿಸಿದರು. ಬಾಲಕೃಷ್ಣ ಬೆರಿಕೆ, ಕುರುವತ್ತಿ ಸುಂದರ ಮೊದಲಾದವರು ಮಾತನಾಡಿದರು. ಕಾರ್ಯದರ್ಶಿ ಸ್ವಾಗತಿಸಿ, ಸುಂದರ ಬಾರಡ್ಕ ವಂದಿಸಿದರು.
